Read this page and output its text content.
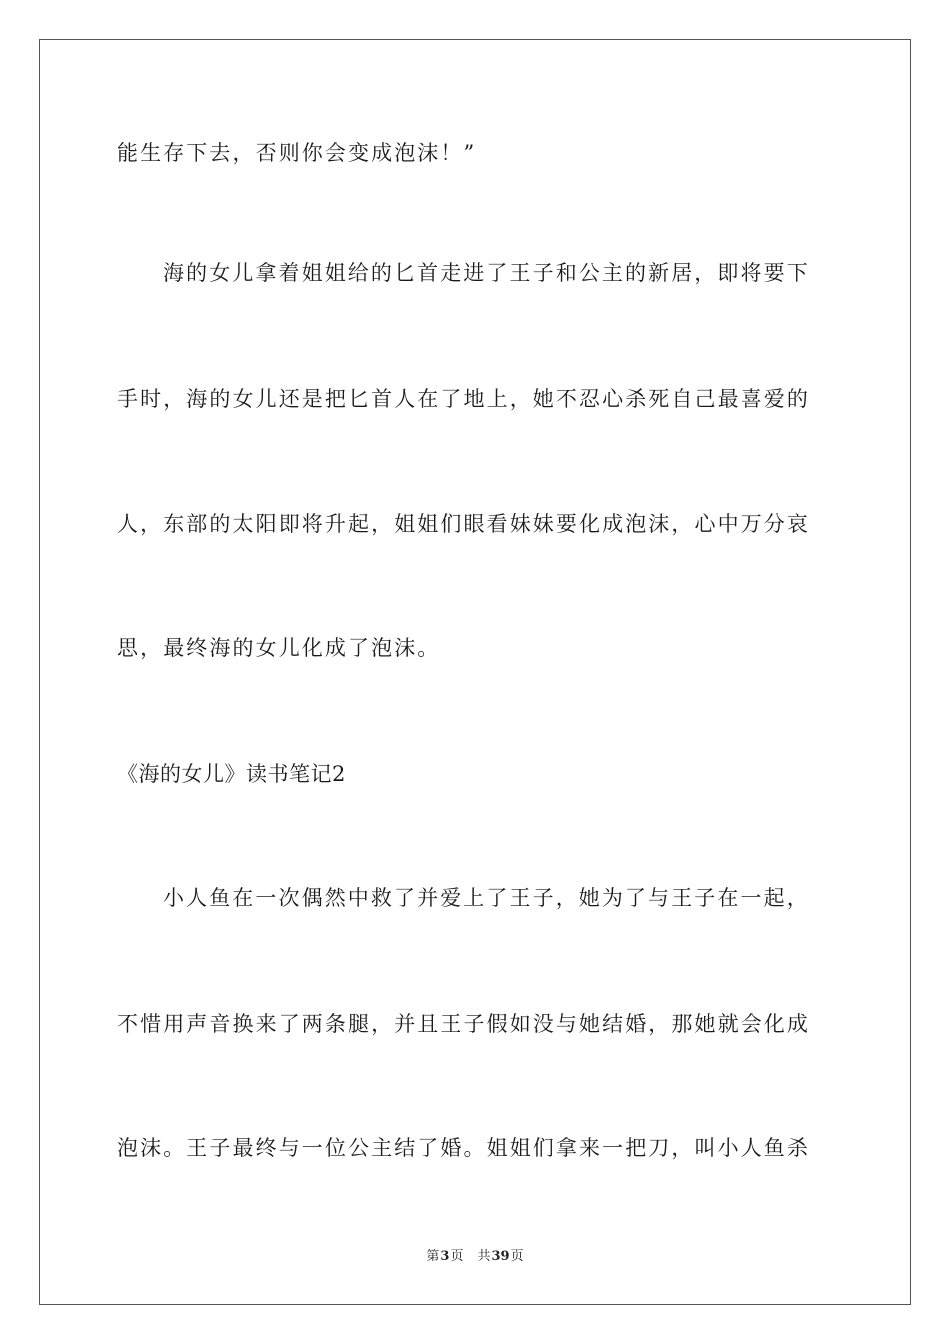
能生存下去，否则你会变成泡沫！”
海的女儿拿着姐姐给的匕首走进了王子和公主的新居，即将要下
手时，海的女儿还是把匕首人在了地上，她不忍心杀死自己最喜爱的
人，东部的太阳即将升起，姐姐们眼看妹妹要化成泡沫，心中万分哀
思，最终海的女儿化成了泡沫。
《海的女儿》读书笔记2
小人鱼在一次偶然中救了并爱上了王子，她为了与王子在一起，
不惜用声音换来了两条腿，并且王子假如没与她结婚，那她就会化成
泡沫。王子最终与一位公主结了婚。姐姐们拿来一把刀，叫小人鱼杀
第3页 共39页
